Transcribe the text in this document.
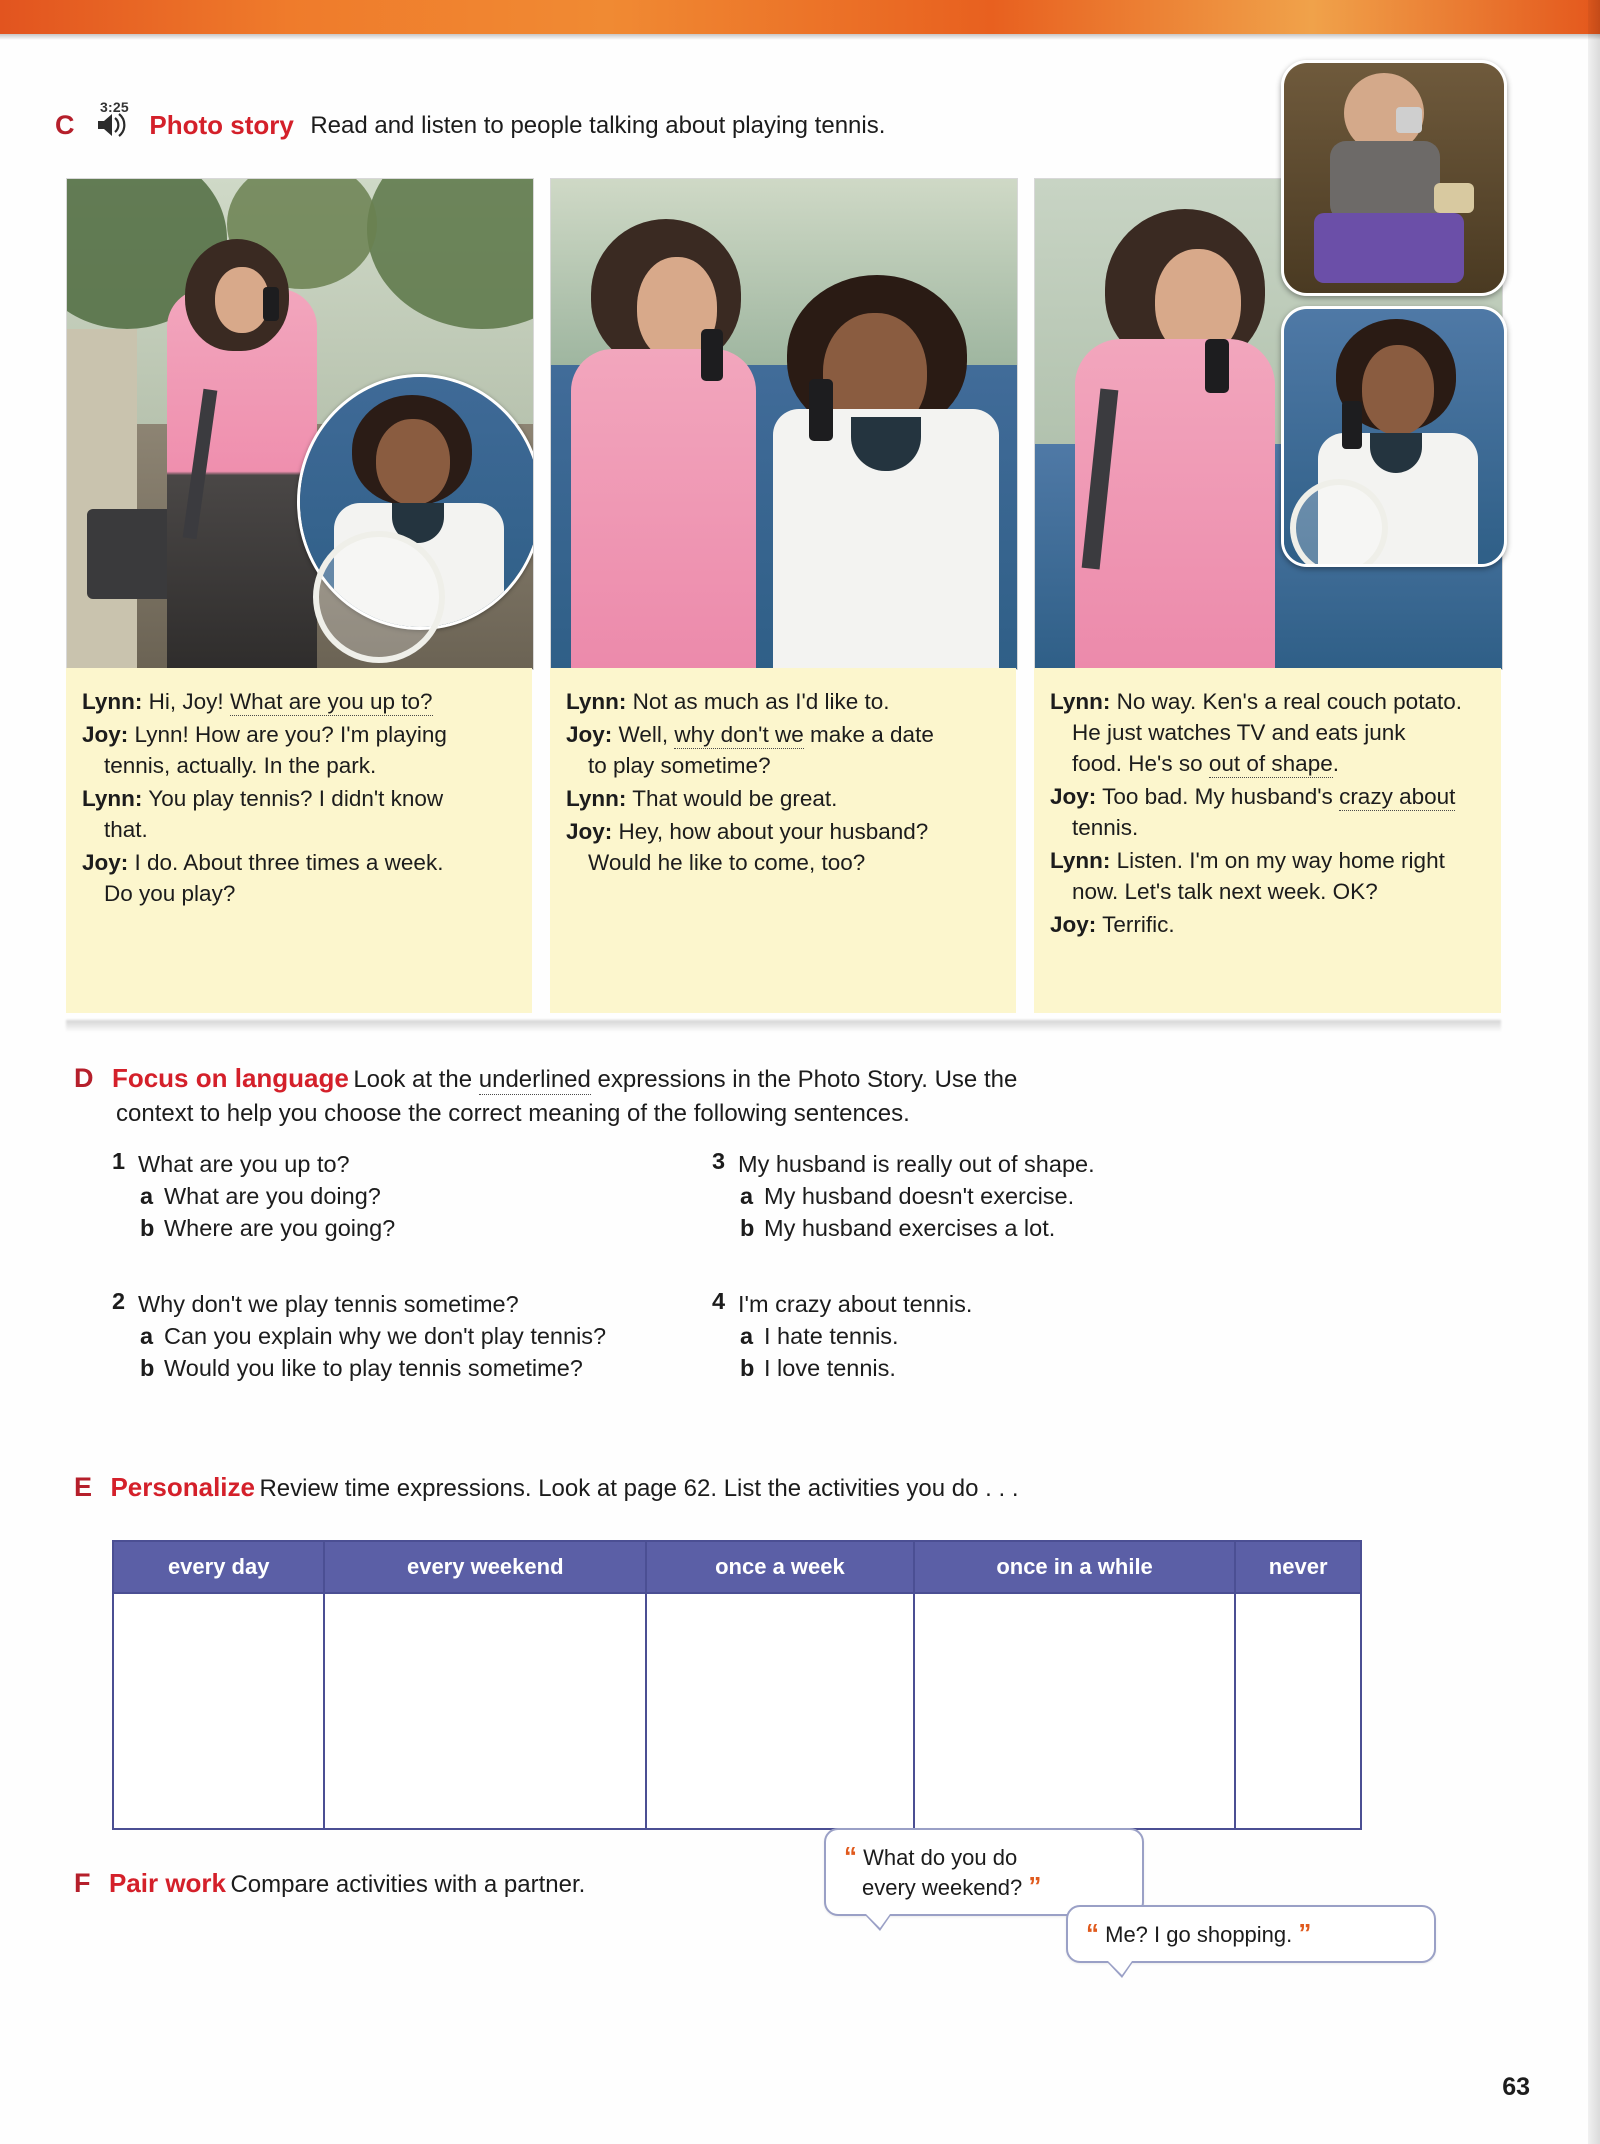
3:25
C	Photo story Read and listen to people talking about playing tennis.

Lynn: Hi, Joy! What are you up to?

Joy: Lynn! How are you? I'm playing
tennis, actually. In the park.

Lynn: You play tennis? I didn't know
that.

Joy: I do. About three times a week.
Do you play?

Lynn: Not as much as I'd like to.

Joy: Well, why don't we make a date
to play sometime?

Lynn: That would be great.

Joy: Hey, how about your husband?
Would he like to come, too?

Lynn: No way. Ken's a real couch potato.
He just watches TV and eats junk
food. He's so out of shape.

Joy: Too bad. My husband's crazy about
tennis.

Lynn: Listen. I'm on my way home right
now. Let's talk next week. OK?

Joy: Terrific.

D Focus on language Look at the underlined expressions in the Photo Story. Use the
context to help you choose the correct meaning of the following sentences.
1 What are you up to?
a What are you doing?
b Where are you going?
2 Why don't we play tennis sometime?
a Can you explain why we don't play tennis?
b Would you like to play tennis sometime?
3 My husband is really out of shape.
a My husband doesn't exercise.
b My husband exercises a lot.
4 I'm crazy about tennis.
a I hate tennis.
b I love tennis.
E Personalize Review time expressions. Look at page 62. List the activities you do . . .
every day	every weekend	once a week	once in a while	never

F Pair work Compare activities with a partner.
“ What do you do
every weekend? ”
“ Me? I go shopping. ”
63
